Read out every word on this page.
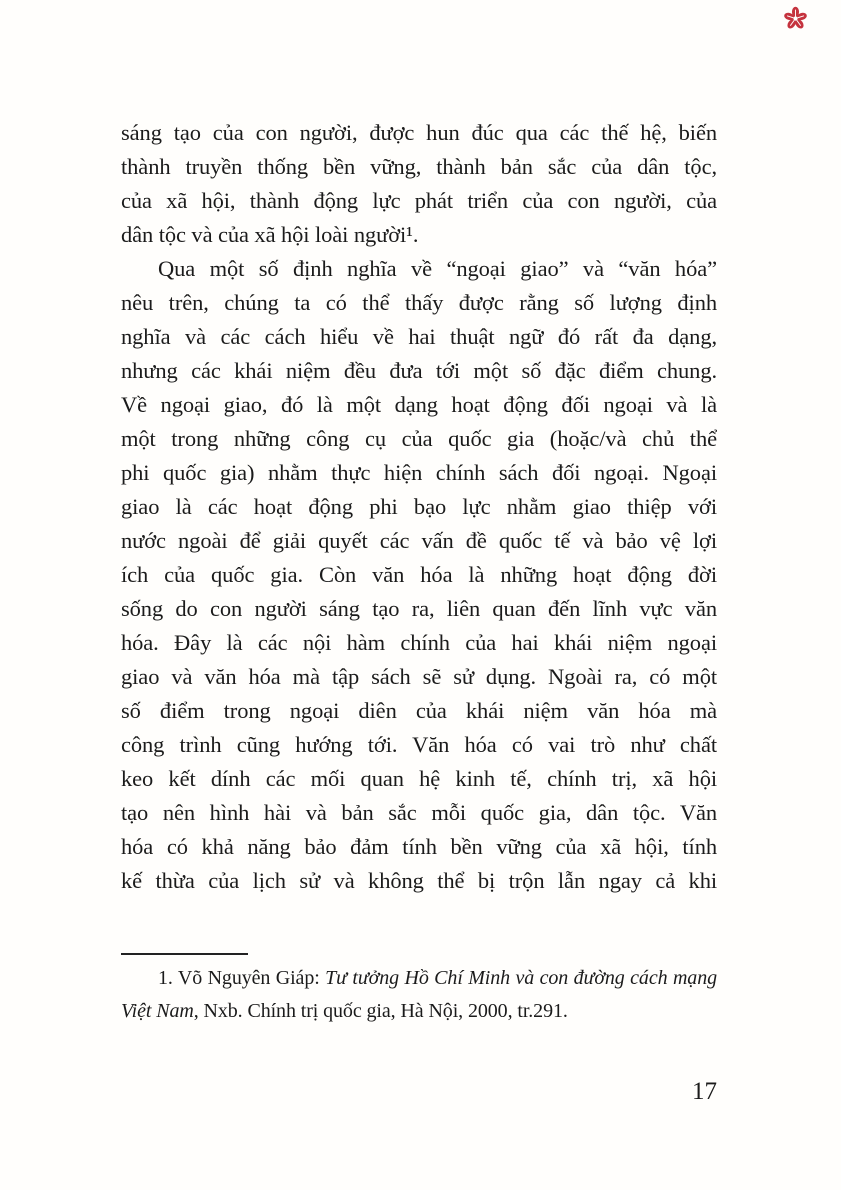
sáng tạo của con người, được hun đúc qua các thế hệ, biến
thành truyền thống bền vững, thành bản sắc của dân tộc,
của xã hội, thành động lực phát triển của con người, của
dân tộc và của xã hội loài người¹.
Qua một số định nghĩa về “ngoại giao” và “văn hóa”
nêu trên, chúng ta có thể thấy được rằng số lượng định
nghĩa và các cách hiểu về hai thuật ngữ đó rất đa dạng,
nhưng các khái niệm đều đưa tới một số đặc điểm chung.
Về ngoại giao, đó là một dạng hoạt động đối ngoại và là
một trong những công cụ của quốc gia (hoặc/và chủ thể
phi quốc gia) nhằm thực hiện chính sách đối ngoại. Ngoại
giao là các hoạt động phi bạo lực nhằm giao thiệp với
nước ngoài để giải quyết các vấn đề quốc tế và bảo vệ lợi
ích của quốc gia. Còn văn hóa là những hoạt động đời
sống do con người sáng tạo ra, liên quan đến lĩnh vực văn
hóa. Đây là các nội hàm chính của hai khái niệm ngoại
giao và văn hóa mà tập sách sẽ sử dụng. Ngoài ra, có một
số điểm trong ngoại diên của khái niệm văn hóa mà
công trình cũng hướng tới. Văn hóa có vai trò như chất
keo kết dính các mối quan hệ kinh tế, chính trị, xã hội
tạo nên hình hài và bản sắc mỗi quốc gia, dân tộc. Văn
hóa có khả năng bảo đảm tính bền vững của xã hội, tính
kế thừa của lịch sử và không thể bị trộn lẫn ngay cả khi
1. Võ Nguyên Giáp: Tư tưởng Hồ Chí Minh và con đường cách mạng Việt Nam, Nxb. Chính trị quốc gia, Hà Nội, 2000, tr.291.
17
